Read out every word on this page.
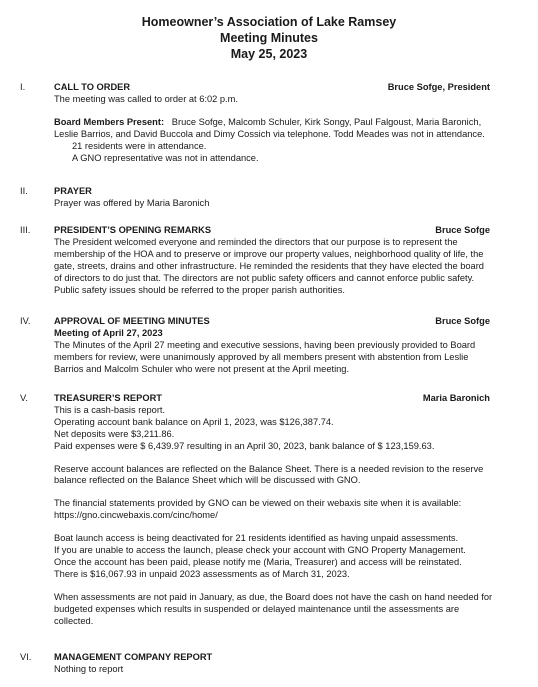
Homeowner’s Association of Lake Ramsey
Meeting Minutes
May 25, 2023
I.	Bruce Sofge, President

CALL TO ORDER

The meeting was called to order at 6:02 p.m.

Board Members Present: Bruce Sofge, Malcomb Schuler, Kirk Songy, Paul Falgoust, Maria Baronich, Leslie Barrios, and David Buccola and Dimy Cossich via telephone. Todd Meades was not in attendance.

21 residents were in attendance.

A GNO representative was not in attendance.

II.	PRAYER

Prayer was offered by Maria Baronich

III.	Bruce Sofge

PRESIDENT’S OPENING REMARKS

The President welcomed everyone and reminded the directors that our purpose is to represent the membership of the HOA and to preserve or improve our property values, neighborhood quality of life, the gate, streets, drains and other infrastructure. He reminded the residents that they have elected the board of directors to do just that. The directors are not public safety officers and cannot enforce public safety. Public safety issues should be referred to the proper parish authorities.

IV.	Bruce Sofge

APPROVAL OF MEETING MINUTES

Meeting of April 27, 2023

The Minutes of the April 27 meeting and executive sessions, having been previously provided to Board members for review, were unanimously approved by all members present with abstention from Leslie Barrios and Malcolm Schuler who were not present at the April meeting.

V.	Maria Baronich

TREASURER’S REPORT

This is a cash-basis report.

Operating account bank balance on April 1, 2023, was $126,387.74.

Net deposits were $3,211.86.

Paid expenses were $ 6,439.97 resulting in an April 30, 2023, bank balance of $ 123,159.63.

Reserve account balances are reflected on the Balance Sheet. There is a needed revision to the reserve balance reflected on the Balance Sheet which will be discussed with GNO.

The financial statements provided by GNO can be viewed on their webaxis site when it is available:

https://gno.cincwebaxis.com/cinc/home/

Boat launch access is being deactivated for 21 residents identified as having unpaid assessments.

If you are unable to access the launch, please check your account with GNO Property Management.

Once the account has been paid, please notify me (Maria, Treasurer) and access will be reinstated.

There is $16,067.93 in unpaid 2023 assessments as of March 31, 2023.

When assessments are not paid in January, as due, the Board does not have the cash on hand needed for budgeted expenses which results in suspended or delayed maintenance until the assessments are collected.

VI. MANAGEMENT COMPANY REPORT

Nothing to report
